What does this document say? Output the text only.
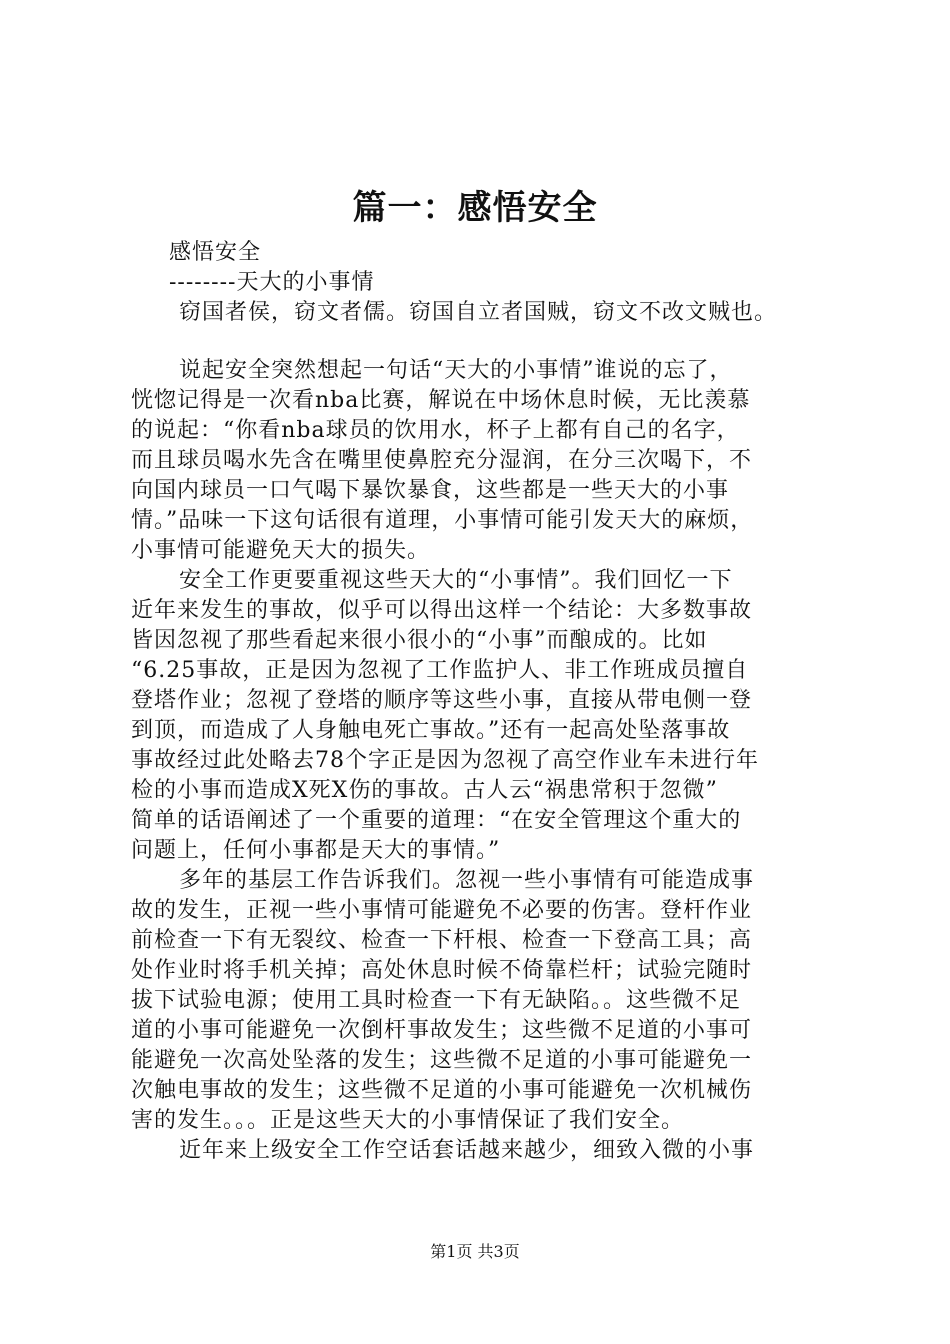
篇一：感悟安全
感悟安全
--------天大的小事情
窃国者侯，窃文者儒。窃国自立者国贼，窃文不改文贼也。
说起安全突然想起一句话“天大的小事情”谁说的忘了，
恍惚记得是一次看nba比赛，解说在中场休息时候，无比羡慕
的说起：“你看nba球员的饮用水，杯子上都有自己的名字，
而且球员喝水先含在嘴里使鼻腔充分湿润，在分三次喝下，不
向国内球员一口气喝下暴饮暴食，这些都是一些天大的小事
情。”品味一下这句话很有道理，小事情可能引发天大的麻烦，
小事情可能避免天大的损失。
安全工作更要重视这些天大的“小事情”。我们回忆一下
近年来发生的事故，似乎可以得出这样一个结论：大多数事故
皆因忽视了那些看起来很小很小的“小事”而酿成的。比如
“6.25事故，正是因为忽视了工作监护人、非工作班成员擅自
登塔作业；忽视了登塔的顺序等这些小事，直接从带电侧一登
到顶，而造成了人身触电死亡事故。”还有一起高处坠落事故
事故经过此处略去78个字正是因为忽视了高空作业车未进行年
检的小事而造成X死X伤的事故。古人云“祸患常积于忽微”
简单的话语阐述了一个重要的道理：“在安全管理这个重大的
问题上，任何小事都是天大的事情。”
多年的基层工作告诉我们。忽视一些小事情有可能造成事
故的发生，正视一些小事情可能避免不必要的伤害。登杆作业
前检查一下有无裂纹、检查一下杆根、检查一下登高工具；高
处作业时将手机关掉；高处休息时候不倚靠栏杆；试验完随时
拔下试验电源；使用工具时检查一下有无缺陷。。这些微不足
道的小事可能避免一次倒杆事故发生；这些微不足道的小事可
能避免一次高处坠落的发生；这些微不足道的小事可能避免一
次触电事故的发生；这些微不足道的小事可能避免一次机械伤
害的发生。。。正是这些天大的小事情保证了我们安全。
近年来上级安全工作空话套话越来越少，细致入微的小事
第1页 共3页
